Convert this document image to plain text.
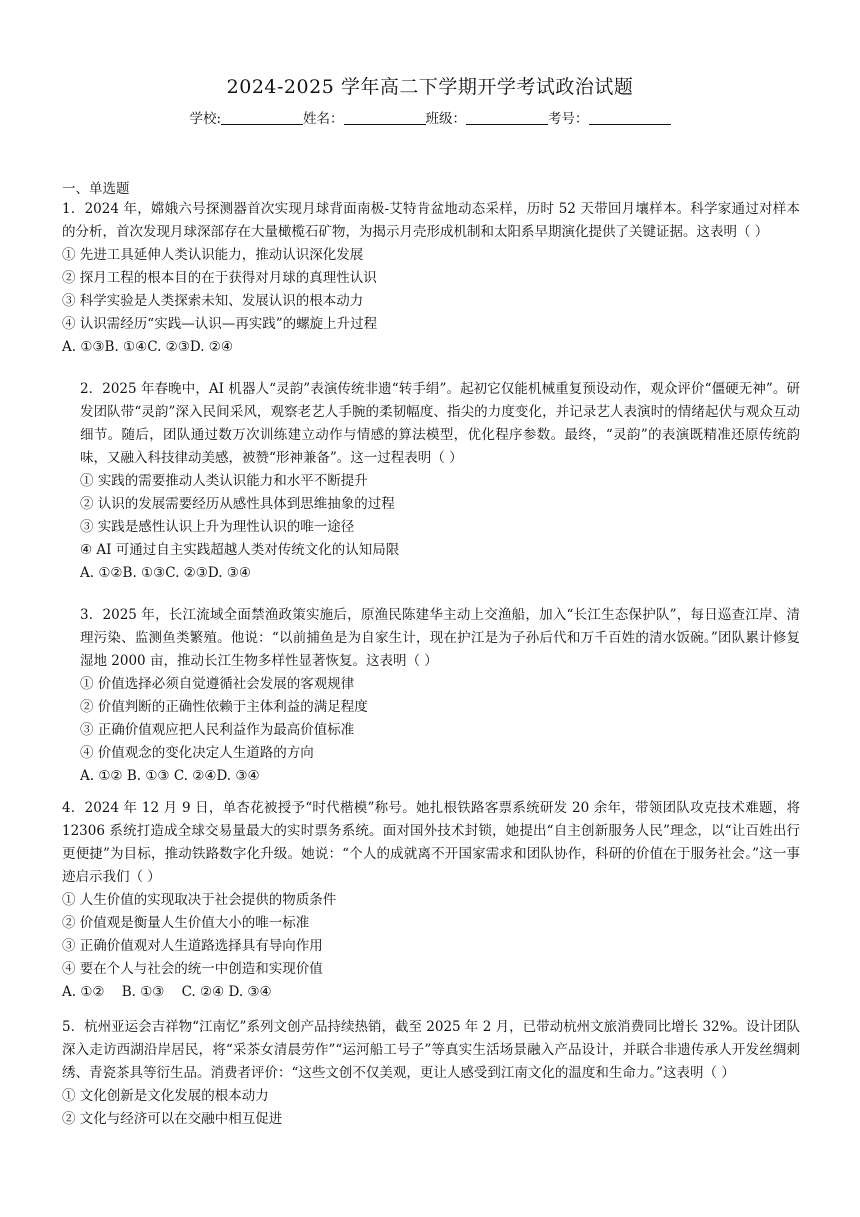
2024-2025 学年高二下学期开学考试政治试题
学校:	姓名：	班级：	考号：
一、单选题

1．2024 年，嫦娥六号探测器首次实现月球背面南极-艾特肯盆地动态采样，历时 52 天带回月壤样本。科学家通过对样本的分析，首次发现月球深部存在大量橄榄石矿物，为揭示月壳形成机制和太阳系早期演化提供了关键证据。这表明（ ）

① 先进工具延伸人类认识能力，推动认识深化发展

② 探月工程的根本目的在于获得对月球的真理性认识

③ 科学实验是人类探索未知、发展认识的根本动力

④ 认识需经历“实践—认识—再实践”的螺旋上升过程

A. ①③B. ①④C. ②③D. ②④

2．2025 年春晚中，AI 机器人“灵韵”表演传统非遗“转手绢”。起初它仅能机械重复预设动作，观众评价“僵硬无神”。研发团队带“灵韵”深入民间采风，观察老艺人手腕的柔韧幅度、指尖的力度变化，并记录艺人表演时的情绪起伏与观众互动细节。随后，团队通过数万次训练建立动作与情感的算法模型，优化程序参数。最终，“灵韵”的表演既精准还原传统韵味，又融入科技律动美感，被赞“形神兼备”。这一过程表明（ ）

① 实践的需要推动人类认识能力和水平不断提升

② 认识的发展需要经历从感性具体到思维抽象的过程

③ 实践是感性认识上升为理性认识的唯一途径

④ AI 可通过自主实践超越人类对传统文化的认知局限

A. ①②B. ①③C. ②③D. ③④

3．2025 年，长江流域全面禁渔政策实施后，原渔民陈建华主动上交渔船，加入“长江生态保护队”，每日巡查江岸、清理污染、监测鱼类繁殖。他说：“以前捕鱼是为自家生计，现在护江是为子孙后代和万千百姓的清水饭碗。”团队累计修复湿地 2000 亩，推动长江生物多样性显著恢复。这表明（ ）

① 价值选择必须自觉遵循社会发展的客观规律

② 价值判断的正确性依赖于主体利益的满足程度

③ 正确价值观应把人民利益作为最高价值标准

④ 价值观念的变化决定人生道路的方向

A. ①② B. ①③ C. ②④D. ③④

4．2024 年 12 月 9 日，单杏花被授予“时代楷模”称号。她扎根铁路客票系统研发 20 余年，带领团队攻克技术难题，将 12306 系统打造成全球交易量最大的实时票务系统。面对国外技术封锁，她提出“自主创新服务人民”理念，以“让百姓出行更便捷”为目标，推动铁路数字化升级。她说：“个人的成就离不开国家需求和团队协作，科研的价值在于服务社会。”这一事迹启示我们（ ）

① 人生价值的实现取决于社会提供的物质条件

② 价值观是衡量人生价值大小的唯一标准

③ 正确价值观对人生道路选择具有导向作用

④ 要在个人与社会的统一中创造和实现价值

A. ①②    B. ①③    C. ②④ D. ③④

5．杭州亚运会吉祥物“江南忆”系列文创产品持续热销，截至 2025 年 2 月，已带动杭州文旅消费同比增长 32%。设计团队深入走访西湖沿岸居民，将“采茶女清晨劳作”“运河船工号子”等真实生活场景融入产品设计，并联合非遗传承人开发丝绸刺绣、青瓷茶具等衍生品。消费者评价：“这些文创不仅美观，更让人感受到江南文化的温度和生命力。”这表明（ ）

① 文化创新是文化发展的根本动力

② 文化与经济可以在交融中相互促进
